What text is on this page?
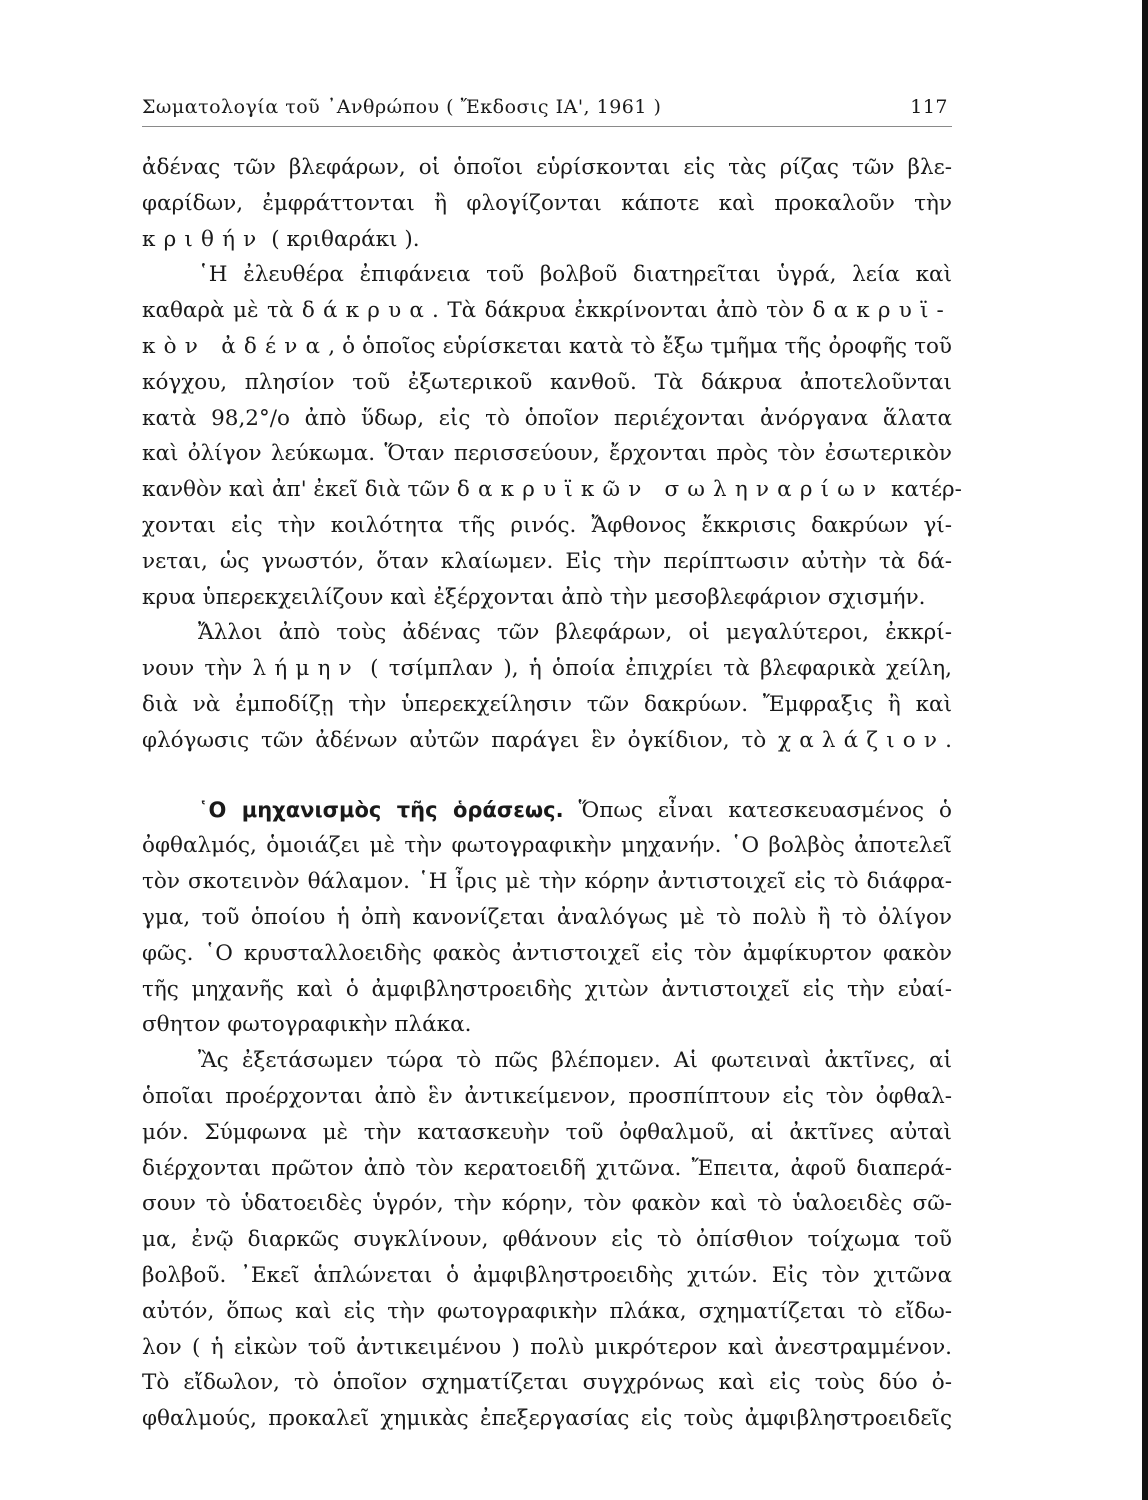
Σωματολογία τοῦ ᾿Ανθρώπου ( Ἔκδοσις ΙΑ', 1961 )	117
ἀδένας τῶν βλεφάρων, οἱ ὁποῖοι εὑρίσκονται εἰς τὰς ρίζας τῶν βλε-
φαρίδων, ἐμφράττονται ἢ φλογίζονται κάποτε καὶ προκαλοῦν τὴν
κριθήν ( κριθαράκι ).
῾Η ἐλευθέρα ἐπιφάνεια τοῦ βολβοῦ διατηρεῖται ὑγρά, λεία καὶ
καθαρὰ μὲ τὰ δάκρυα. Τὰ δάκρυα ἐκκρίνονται ἀπὸ τὸν δακρυϊ-
κὸν ἀδένα, ὁ ὁποῖος εὑρίσκεται κατὰ τὸ ἔξω τμῆμα τῆς ὀροφῆς τοῦ
κόγχου, πλησίον τοῦ ἐξωτερικοῦ κανθοῦ. Τὰ δάκρυα ἀποτελοῦνται
κατὰ 98,2°/o ἀπὸ ὕδωρ, εἰς τὸ ὁποῖον περιέχονται ἀνόργανα ἅλατα
καὶ ὀλίγον λεύκωμα. Ὅταν περισσεύουν, ἔρχονται πρὸς τὸν ἐσωτερικὸν
κανθὸν καὶ ἀπ' ἐκεῖ διὰ τῶν δακρυϊκῶν σωληναρίων κατέρ-
χονται εἰς τὴν κοιλότητα τῆς ρινός. Ἄφθονος ἔκκρισις δακρύων γί-
νεται, ὡς γνωστόν, ὅταν κλαίωμεν. Εἰς τὴν περίπτωσιν αὐτὴν τὰ δά-
κρυα ὑπερεκχειλίζουν καὶ ἐξέρχονται ἀπὸ τὴν μεσοβλεφάριον σχισμήν.
Ἄλλοι ἀπὸ τοὺς ἀδένας τῶν βλεφάρων, οἱ μεγαλύτεροι, ἐκκρί-
νουν τὴν λήμην ( τσίμπλαν ), ἡ ὁποία ἐπιχρίει τὰ βλεφαρικὰ χείλη,
διὰ νὰ ἐμποδίζῃ τὴν ὑπερεκχείλησιν τῶν δακρύων. Ἔμφραξις ἢ καὶ
φλόγωσις τῶν ἀδένων αὐτῶν παράγει ἓν ὀγκίδιον, τὸ χαλάζιον.
῾Ο μηχανισμὸς τῆς ὁράσεως. Ὅπως εἶναι κατεσκευασμένος ὁ
ὀφθαλμός, ὁμοιάζει μὲ τὴν φωτογραφικὴν μηχανήν. ῾Ο βολβὸς ἀποτελεῖ
τὸν σκοτεινὸν θάλαμον. ῾Η ἶρις μὲ τὴν κόρην ἀντιστοιχεῖ εἰς τὸ διάφρα-
γμα, τοῦ ὁποίου ἡ ὀπὴ κανονίζεται ἀναλόγως μὲ τὸ πολὺ ἢ τὸ ὀλίγον
φῶς. ῾Ο κρυσταλλοειδὴς φακὸς ἀντιστοιχεῖ εἰς τὸν ἀμφίκυρτον φακὸν
τῆς μηχανῆς καὶ ὁ ἀμφιβληστροειδὴς χιτὼν ἀντιστοιχεῖ εἰς τὴν εὐαί-
σθητον φωτογραφικὴν πλάκα.
Ἂς ἐξετάσωμεν τώρα τὸ πῶς βλέπομεν. Αἱ φωτειναὶ ἀκτῖνες, αἱ
ὁποῖαι προέρχονται ἀπὸ ἓν ἀντικείμενον, προσπίπτουν εἰς τὸν ὀφθαλ-
μόν. Σύμφωνα μὲ τὴν κατασκευὴν τοῦ ὀφθαλμοῦ, αἱ ἀκτῖνες αὐταὶ
διέρχονται πρῶτον ἀπὸ τὸν κερατοειδῆ χιτῶνα. Ἔπειτα, ἀφοῦ διαπερά-
σουν τὸ ὑδατοειδὲς ὑγρόν, τὴν κόρην, τὸν φακὸν καὶ τὸ ὑαλοειδὲς σῶ-
μα, ἐνῷ διαρκῶς συγκλίνουν, φθάνουν εἰς τὸ ὀπίσθιον τοίχωμα τοῦ
βολβοῦ. ᾿Εκεῖ ἁπλώνεται ὁ ἀμφιβληστροειδὴς χιτών. Εἰς τὸν χιτῶνα
αὐτόν, ὅπως καὶ εἰς τὴν φωτογραφικὴν πλάκα, σχηματίζεται τὸ εἴδω-
λον ( ἡ εἰκὼν τοῦ ἀντικειμένου ) πολὺ μικρότερον καὶ ἀνεστραμμένον.
Τὸ εἴδωλον, τὸ ὁποῖον σχηματίζεται συγχρόνως καὶ εἰς τοὺς δύο ὀ-
φθαλμούς, προκαλεῖ χημικὰς ἐπεξεργασίας εἰς τοὺς ἀμφιβληστροειδεῖς
